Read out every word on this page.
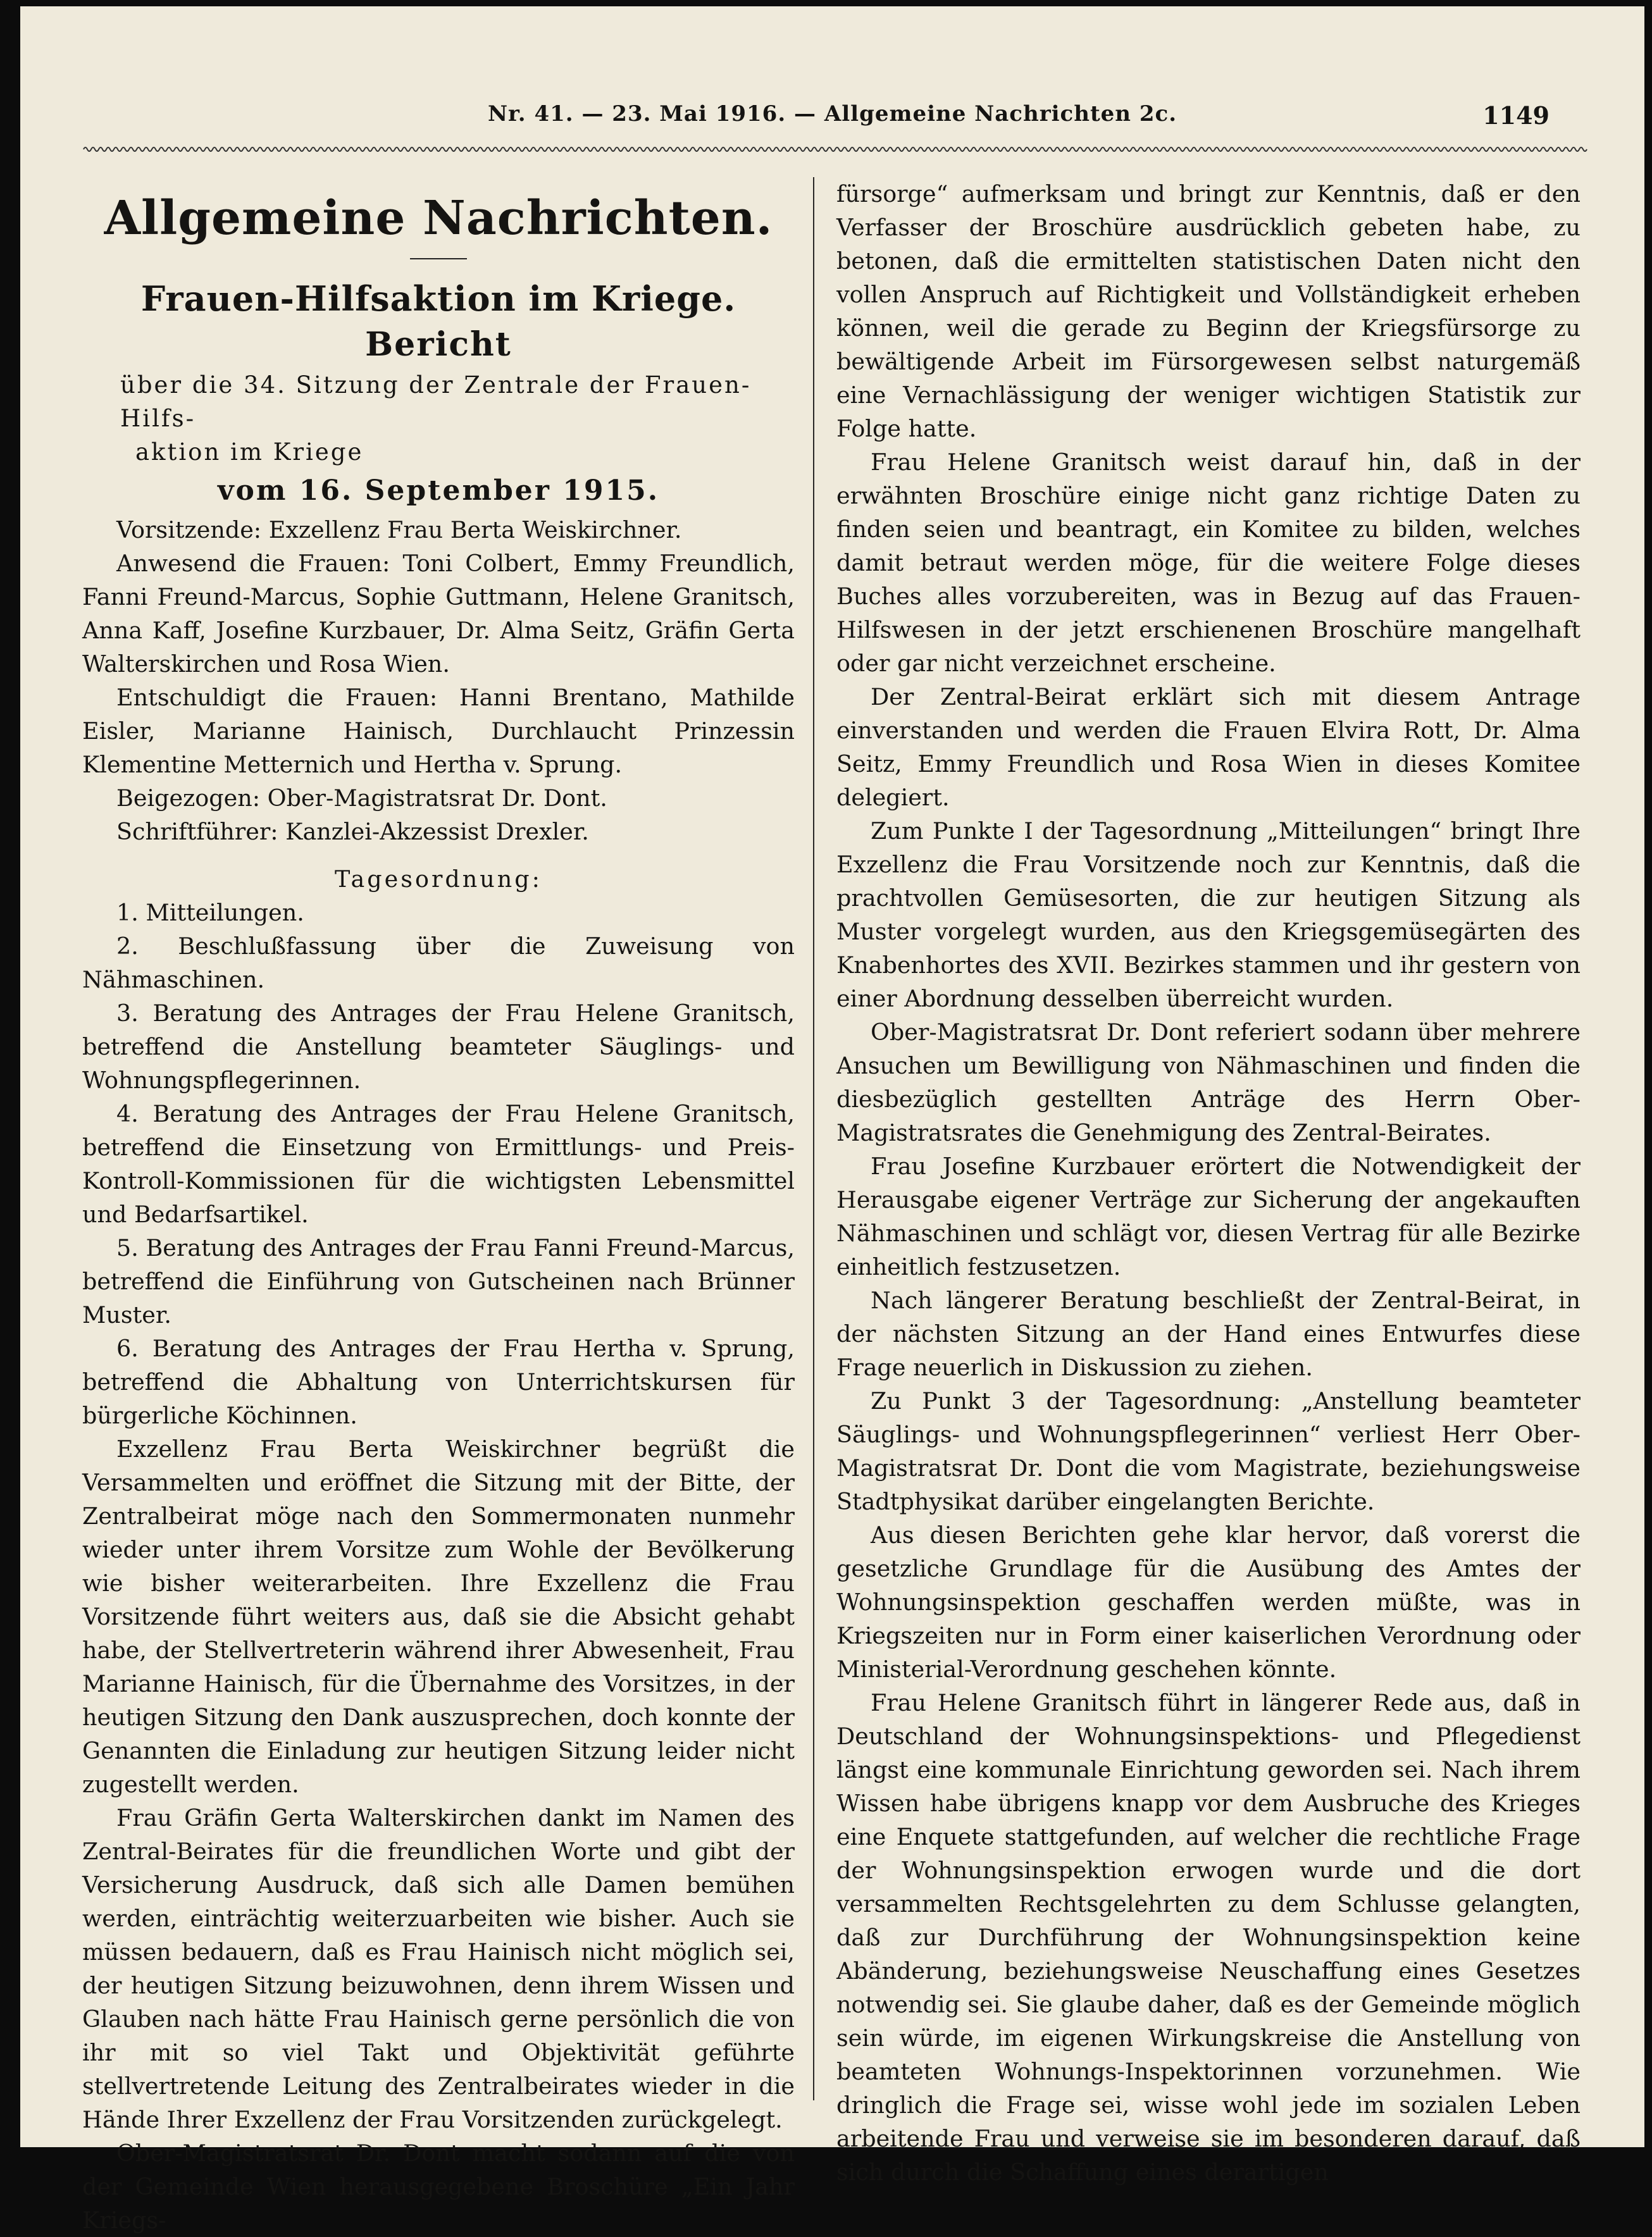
Nr. 41. — 23. Mai 1916. — Allgemeine Nachrichten 2c.	1149
Allgemeine Nachrichten.
Frauen-Hilfsaktion im Kriege.
Bericht
über die 34. Sitzung der Zentrale der Frauen-Hilfs-
aktion im Kriege
vom 16. September 1915.

Vorsitzende: Exzellenz Frau Berta Weiskirchner.

Anwesend die Frauen: Toni Colbert, Emmy Freundlich, Fanni Freund-Marcus, Sophie Guttmann, Helene Granitsch, Anna Kaff, Josefine Kurzbauer, Dr. Alma Seitz, Gräfin Gerta Walterskirchen und Rosa Wien.

Entschuldigt die Frauen: Hanni Brentano, Mathilde Eisler, Marianne Hainisch, Durchlaucht Prinzessin Klementine Metternich und Hertha v. Sprung.

Beigezogen: Ober-Magistratsrat Dr. Dont.

Schriftführer: Kanzlei-Akzessist Drexler.

Tagesordnung:

1. Mitteilungen.

2. Beschlußfassung über die Zuweisung von Nähmaschinen.

3. Beratung des Antrages der Frau Helene Granitsch, betreffend die Anstellung beamteter Säuglings- und Wohnungspflegerinnen.

4. Beratung des Antrages der Frau Helene Granitsch, betreffend die Einsetzung von Ermittlungs- und Preis-Kontroll-Kommissionen für die wichtigsten Lebensmittel und Bedarfsartikel.

5. Beratung des Antrages der Frau Fanni Freund-Marcus, betreffend die Einführung von Gutscheinen nach Brünner Muster.

6. Beratung des Antrages der Frau Hertha v. Sprung, betreffend die Abhaltung von Unterrichtskursen für bürgerliche Köchinnen.

Exzellenz Frau Berta Weiskirchner begrüßt die Versammelten und eröffnet die Sitzung mit der Bitte, der Zentralbeirat möge nach den Sommermonaten nunmehr wieder unter ihrem Vorsitze zum Wohle der Bevölkerung wie bisher weiterarbeiten. Ihre Exzellenz die Frau Vorsitzende führt weiters aus, daß sie die Absicht gehabt habe, der Stellvertreterin während ihrer Abwesenheit, Frau Marianne Hainisch, für die Übernahme des Vorsitzes, in der heutigen Sitzung den Dank auszusprechen, doch konnte der Genannten die Einladung zur heutigen Sitzung leider nicht zugestellt werden.

Frau Gräfin Gerta Walterskirchen dankt im Namen des Zentral-Beirates für die freundlichen Worte und gibt der Versicherung Ausdruck, daß sich alle Damen bemühen werden, einträchtig weiterzuarbeiten wie bisher. Auch sie müssen bedauern, daß es Frau Hainisch nicht möglich sei, der heutigen Sitzung beizuwohnen, denn ihrem Wissen und Glauben nach hätte Frau Hainisch gerne persönlich die von ihr mit so viel Takt und Objektivität geführte stellvertretende Leitung des Zentralbeirates wieder in die Hände Ihrer Exzellenz der Frau Vorsitzenden zurückgelegt.

Ober-Magistratsrat Dr. Dont macht sodann auf die von der Gemeinde Wien herausgegebene Broschüre „Ein Jahr Kriegs-

fürsorge“ aufmerksam und bringt zur Kenntnis, daß er den Verfasser der Broschüre ausdrücklich gebeten habe, zu betonen, daß die ermittelten statistischen Daten nicht den vollen Anspruch auf Richtigkeit und Vollständigkeit erheben können, weil die gerade zu Beginn der Kriegsfürsorge zu bewältigende Arbeit im Fürsorgewesen selbst naturgemäß eine Vernachlässigung der weniger wichtigen Statistik zur Folge hatte.

Frau Helene Granitsch weist darauf hin, daß in der erwähnten Broschüre einige nicht ganz richtige Daten zu finden seien und beantragt, ein Komitee zu bilden, welches damit betraut werden möge, für die weitere Folge dieses Buches alles vorzubereiten, was in Bezug auf das Frauen-Hilfswesen in der jetzt erschienenen Broschüre mangelhaft oder gar nicht verzeichnet erscheine.

Der Zentral-Beirat erklärt sich mit diesem Antrage einverstanden und werden die Frauen Elvira Rott, Dr. Alma Seitz, Emmy Freundlich und Rosa Wien in dieses Komitee delegiert.

Zum Punkte I der Tagesordnung „Mitteilungen“ bringt Ihre Exzellenz die Frau Vorsitzende noch zur Kenntnis, daß die prachtvollen Gemüsesorten, die zur heutigen Sitzung als Muster vorgelegt wurden, aus den Kriegsgemüsegärten des Knabenhortes des XVII. Bezirkes stammen und ihr gestern von einer Abordnung desselben überreicht wurden.

Ober-Magistratsrat Dr. Dont referiert sodann über mehrere Ansuchen um Bewilligung von Nähmaschinen und finden die diesbezüglich gestellten Anträge des Herrn Ober-Magistratsrates die Genehmigung des Zentral-Beirates.

Frau Josefine Kurzbauer erörtert die Notwendigkeit der Herausgabe eigener Verträge zur Sicherung der angekauften Nähmaschinen und schlägt vor, diesen Vertrag für alle Bezirke einheitlich festzusetzen.

Nach längerer Beratung beschließt der Zentral-Beirat, in der nächsten Sitzung an der Hand eines Entwurfes diese Frage neuerlich in Diskussion zu ziehen.

Zu Punkt 3 der Tagesordnung: „Anstellung beamteter Säuglings- und Wohnungspflegerinnen“ verliest Herr Ober-Magistratsrat Dr. Dont die vom Magistrate, beziehungsweise Stadtphysikat darüber eingelangten Berichte.

Aus diesen Berichten gehe klar hervor, daß vorerst die gesetzliche Grundlage für die Ausübung des Amtes der Wohnungsinspektion geschaffen werden müßte, was in Kriegszeiten nur in Form einer kaiserlichen Verordnung oder Ministerial-Verordnung geschehen könnte.

Frau Helene Granitsch führt in längerer Rede aus, daß in Deutschland der Wohnungsinspektions- und Pflegedienst längst eine kommunale Einrichtung geworden sei. Nach ihrem Wissen habe übrigens knapp vor dem Ausbruche des Krieges eine Enquete stattgefunden, auf welcher die rechtliche Frage der Wohnungsinspektion erwogen wurde und die dort versammelten Rechtsgelehrten zu dem Schlusse gelangten, daß zur Durchführung der Wohnungsinspektion keine Abänderung, beziehungsweise Neuschaffung eines Gesetzes notwendig sei. Sie glaube daher, daß es der Gemeinde möglich sein würde, im eigenen Wirkungskreise die Anstellung von beamteten Wohnungs-Inspektorinnen vorzunehmen. Wie dringlich die Frage sei, wisse wohl jede im sozialen Leben arbeitende Frau und verweise sie im besonderen darauf, daß sich durch die Schaffung eines derartigen
